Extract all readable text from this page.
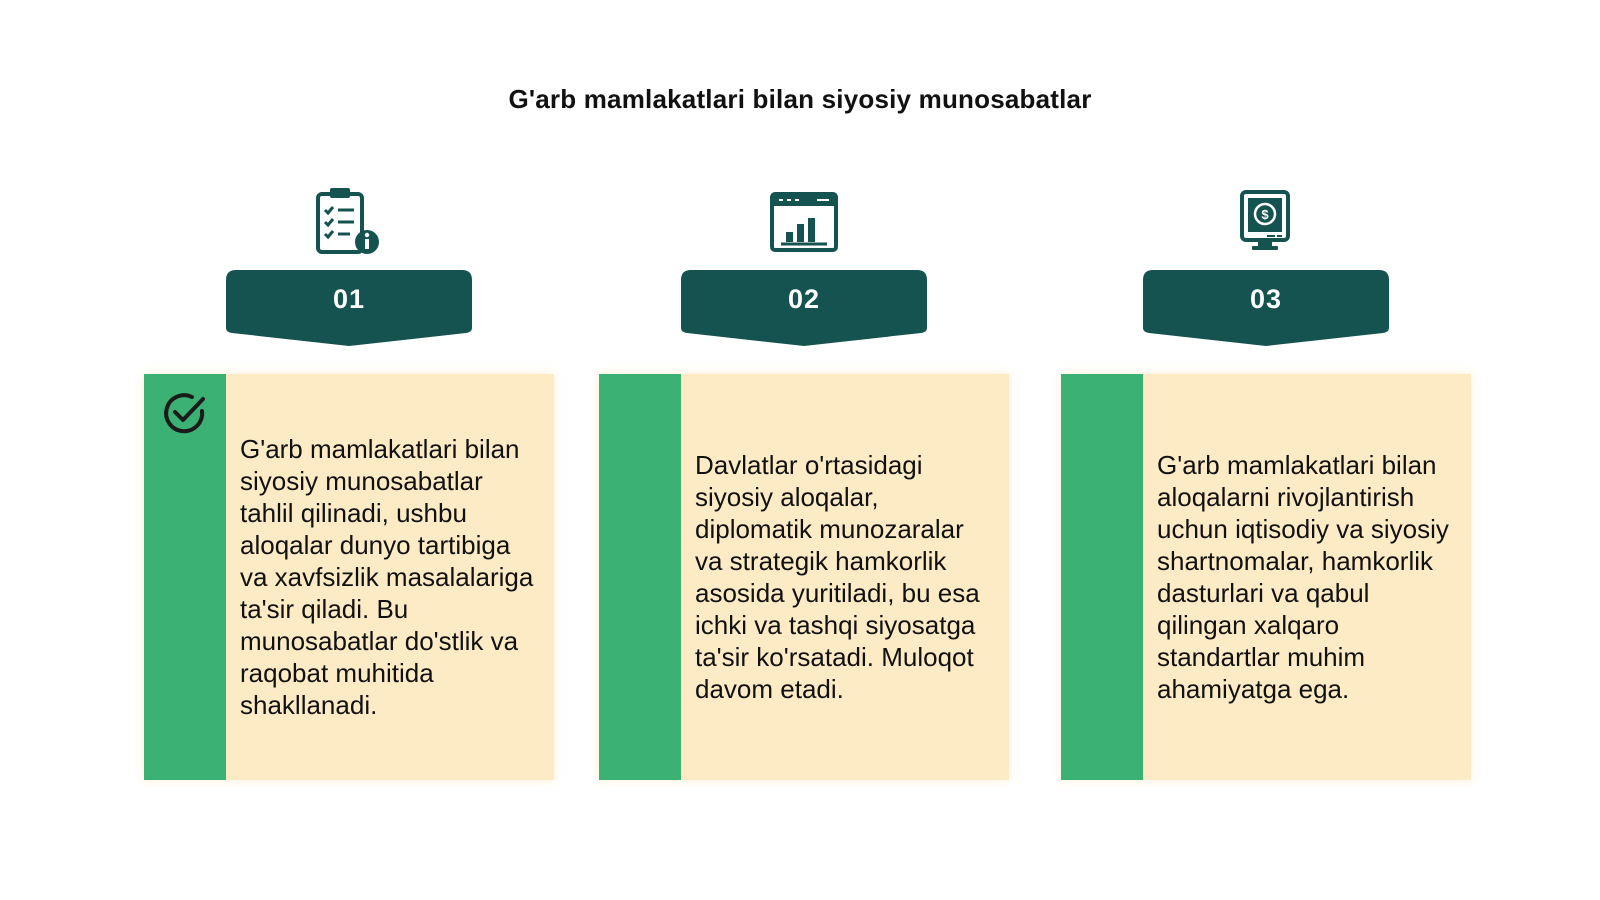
G'arb mamlakatlari bilan siyosiy munosabatlar
01
G'arb mamlakatlari bilan siyosiy munosabatlar tahlil qilinadi, ushbu aloqalar dunyo tartibiga va xavfsizlik masalalariga ta'sir qiladi. Bu munosabatlar do'stlik va raqobat muhitida shakllanadi.
02
Davlatlar o'rtasidagi siyosiy aloqalar, diplomatik munozaralar va strategik hamkorlik asosida yuritiladi, bu esa ichki va tashqi siyosatga ta'sir ko'rsatadi. Muloqot davom etadi.
$
03
G'arb mamlakatlari bilan aloqalarni rivojlantirish uchun iqtisodiy va siyosiy shartnomalar, hamkorlik dasturlari va qabul qilingan xalqaro standartlar muhim ahamiyatga ega.
